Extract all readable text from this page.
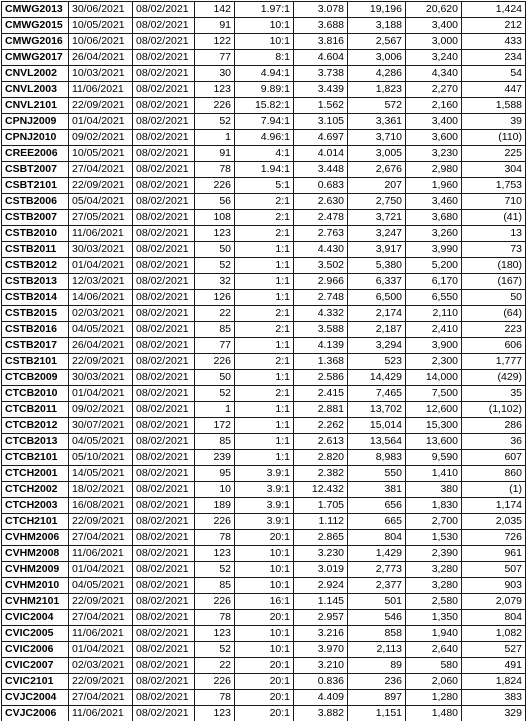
CMWG2013	30/06/2021	08/02/2021	142	1.97:1	3.078	19,196	20,620	1,424
CMWG2015	10/05/2021	08/02/2021	91	10:1	3.688	3,188	3,400	212
CMWG2016	10/06/2021	08/02/2021	122	10:1	3.816	2,567	3,000	433
CMWG2017	26/04/2021	08/02/2021	77	8:1	4.604	3,006	3,240	234
CNVL2002	10/03/2021	08/02/2021	30	4.94:1	3.738	4,286	4,340	54
CNVL2003	11/06/2021	08/02/2021	123	9.89:1	3.439	1,823	2,270	447
CNVL2101	22/09/2021	08/02/2021	226	15.82:1	1.562	572	2,160	1,588
CPNJ2009	01/04/2021	08/02/2021	52	7.94:1	3.105	3,361	3,400	39
CPNJ2010	09/02/2021	08/02/2021	1	4.96:1	4.697	3,710	3,600	(110)
CREE2006	10/05/2021	08/02/2021	91	4:1	4.014	3,005	3,230	225
CSBT2007	27/04/2021	08/02/2021	78	1.94:1	3.448	2,676	2,980	304
CSBT2101	22/09/2021	08/02/2021	226	5:1	0.683	207	1,960	1,753
CSTB2006	05/04/2021	08/02/2021	56	2:1	2.630	2,750	3,460	710
CSTB2007	27/05/2021	08/02/2021	108	2:1	2.478	3,721	3,680	(41)
CSTB2010	11/06/2021	08/02/2021	123	2:1	2.763	3,247	3,260	13
CSTB2011	30/03/2021	08/02/2021	50	1:1	4.430	3,917	3,990	73
CSTB2012	01/04/2021	08/02/2021	52	1:1	3.502	5,380	5,200	(180)
CSTB2013	12/03/2021	08/02/2021	32	1:1	2.966	6,337	6,170	(167)
CSTB2014	14/06/2021	08/02/2021	126	1:1	2.748	6,500	6,550	50
CSTB2015	02/03/2021	08/02/2021	22	2:1	4.332	2,174	2,110	(64)
CSTB2016	04/05/2021	08/02/2021	85	2:1	3.588	2,187	2,410	223
CSTB2017	26/04/2021	08/02/2021	77	1:1	4.139	3,294	3,900	606
CSTB2101	22/09/2021	08/02/2021	226	2:1	1.368	523	2,300	1,777
CTCB2009	30/03/2021	08/02/2021	50	1:1	2.586	14,429	14,000	(429)
CTCB2010	01/04/2021	08/02/2021	52	2:1	2.415	7,465	7,500	35
CTCB2011	09/02/2021	08/02/2021	1	1:1	2.881	13,702	12,600	(1,102)
CTCB2012	30/07/2021	08/02/2021	172	1:1	2.262	15,014	15,300	286
CTCB2013	04/05/2021	08/02/2021	85	1:1	2.613	13,564	13,600	36
CTCB2101	05/10/2021	08/02/2021	239	1:1	2.820	8,983	9,590	607
CTCH2001	14/05/2021	08/02/2021	95	3.9:1	2.382	550	1,410	860
CTCH2002	18/02/2021	08/02/2021	10	3.9:1	12.432	381	380	(1)
CTCH2003	16/08/2021	08/02/2021	189	3.9:1	1.705	656	1,830	1,174
CTCH2101	22/09/2021	08/02/2021	226	3.9:1	1.112	665	2,700	2,035
CVHM2006	27/04/2021	08/02/2021	78	20:1	2.865	804	1,530	726
CVHM2008	11/06/2021	08/02/2021	123	10:1	3.230	1,429	2,390	961
CVHM2009	01/04/2021	08/02/2021	52	10:1	3.019	2,773	3,280	507
CVHM2010	04/05/2021	08/02/2021	85	10:1	2.924	2,377	3,280	903
CVHM2101	22/09/2021	08/02/2021	226	16:1	1.145	501	2,580	2,079
CVIC2004	27/04/2021	08/02/2021	78	20:1	2.957	546	1,350	804
CVIC2005	11/06/2021	08/02/2021	123	10:1	3.216	858	1,940	1,082
CVIC2006	01/04/2021	08/02/2021	52	10:1	3.970	2,113	2,640	527
CVIC2007	02/03/2021	08/02/2021	22	20:1	3.210	89	580	491
CVIC2101	22/09/2021	08/02/2021	226	20:1	0.836	236	2,060	1,824
CVJC2004	27/04/2021	08/02/2021	78	20:1	4.409	897	1,280	383
CVJC2006	11/06/2021	08/02/2021	123	20:1	3.882	1,151	1,480	329
